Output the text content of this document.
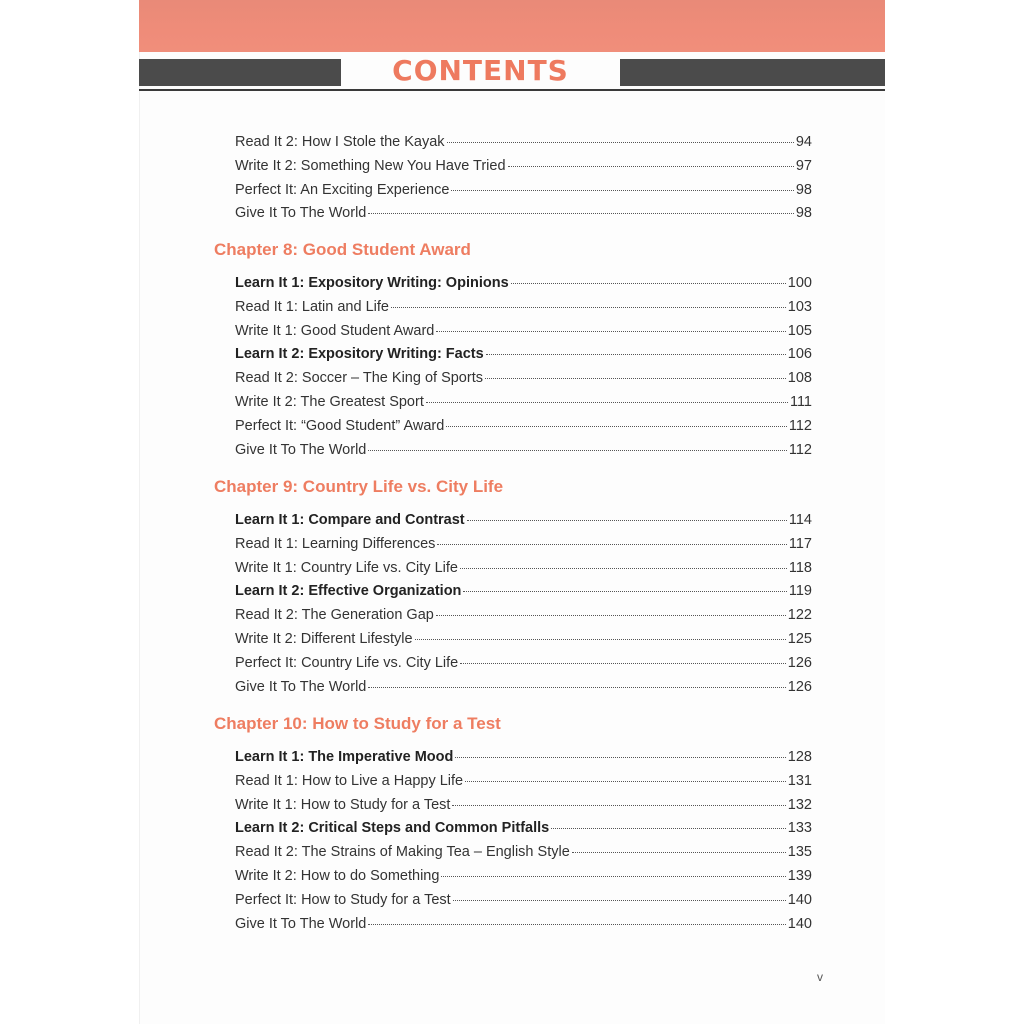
CONTENTS
Read It 2: How I Stole the Kayak	94
Write It 2: Something New You Have Tried	97
Perfect It: An Exciting Experience	98
Give It To The World	98
Chapter 8: Good Student Award
Learn It 1: Expository Writing: Opinions	100
Read It 1: Latin and Life	103
Write It 1: Good Student Award	105
Learn It 2: Expository Writing: Facts	106
Read It 2: Soccer – The King of Sports	108
Write It 2: The Greatest Sport	111
Perfect It: “Good Student” Award	112
Give It To The World	112
Chapter 9: Country Life vs. City Life
Learn It 1: Compare and Contrast	114
Read It 1: Learning Differences	117
Write It 1: Country Life vs. City Life	118
Learn It 2: Effective Organization	119
Read It 2: The Generation Gap	122
Write It 2: Different Lifestyle	125
Perfect It: Country Life vs. City Life	126
Give It To The World	126
Chapter 10: How to Study for a Test
Learn It 1: The Imperative Mood	128
Read It 1: How to Live a Happy Life	131
Write It 1: How to Study for a Test	132
Learn It 2: Critical Steps and Common Pitfalls	133
Read It 2: The Strains of Making Tea – English Style	135
Write It 2: How to do Something	139
Perfect It: How to Study for a Test	140
Give It To The World	140
v
